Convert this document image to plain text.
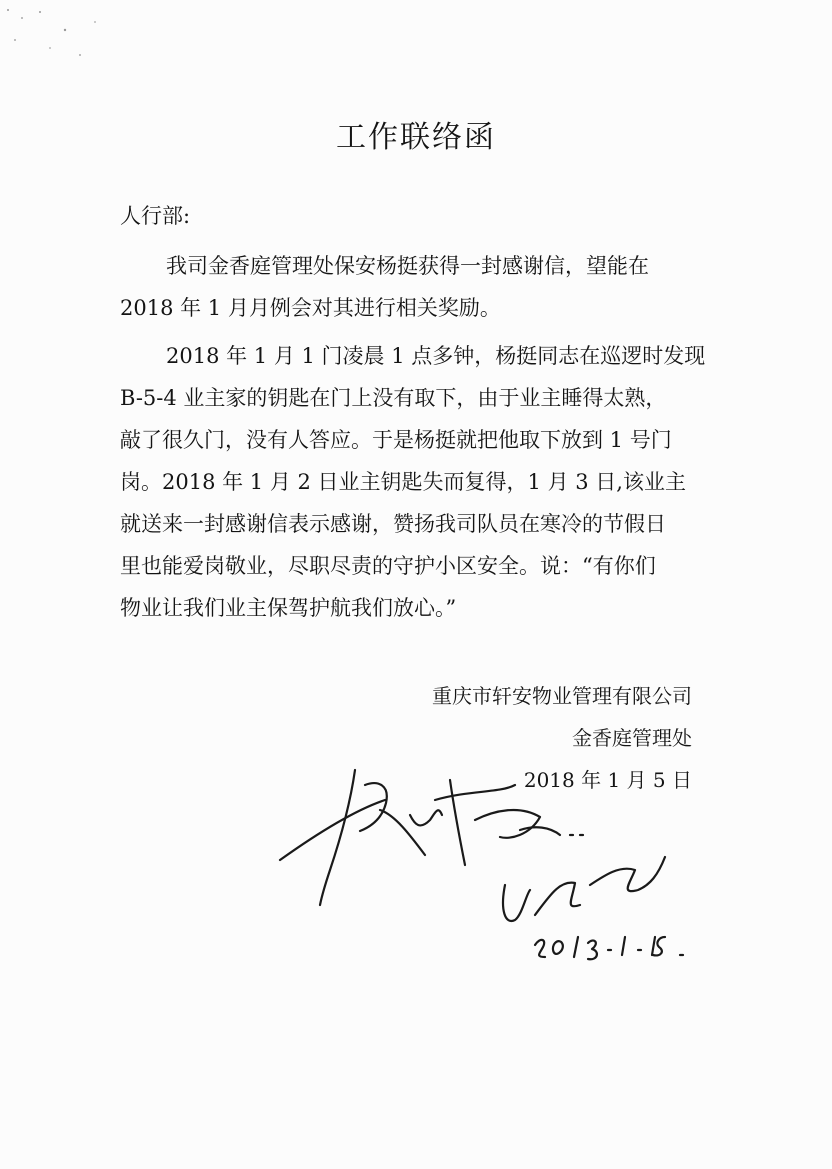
工作联络函
人行部:
我司金香庭管理处保安杨挺获得一封感谢信，望能在
2018 年 1 月月例会对其进行相关奖励。
2018 年 1 月 1 门凌晨 1 点多钟，杨挺同志在巡逻时发现
B-5-4 业主家的钥匙在门上没有取下，由于业主睡得太熟，
敲了很久门，没有人答应。于是杨挺就把他取下放到 1 号门
岗。2018 年 1 月 2 日业主钥匙失而复得，1 月 3 日,该业主
就送来一封感谢信表示感谢，赞扬我司队员在寒冷的节假日
里也能爱岗敬业，尽职尽责的守护小区安全。说：“有你们
物业让我们业主保驾护航我们放心。”
重庆市轩安物业管理有限公司
金香庭管理处
2018 年 1 月 5 日
